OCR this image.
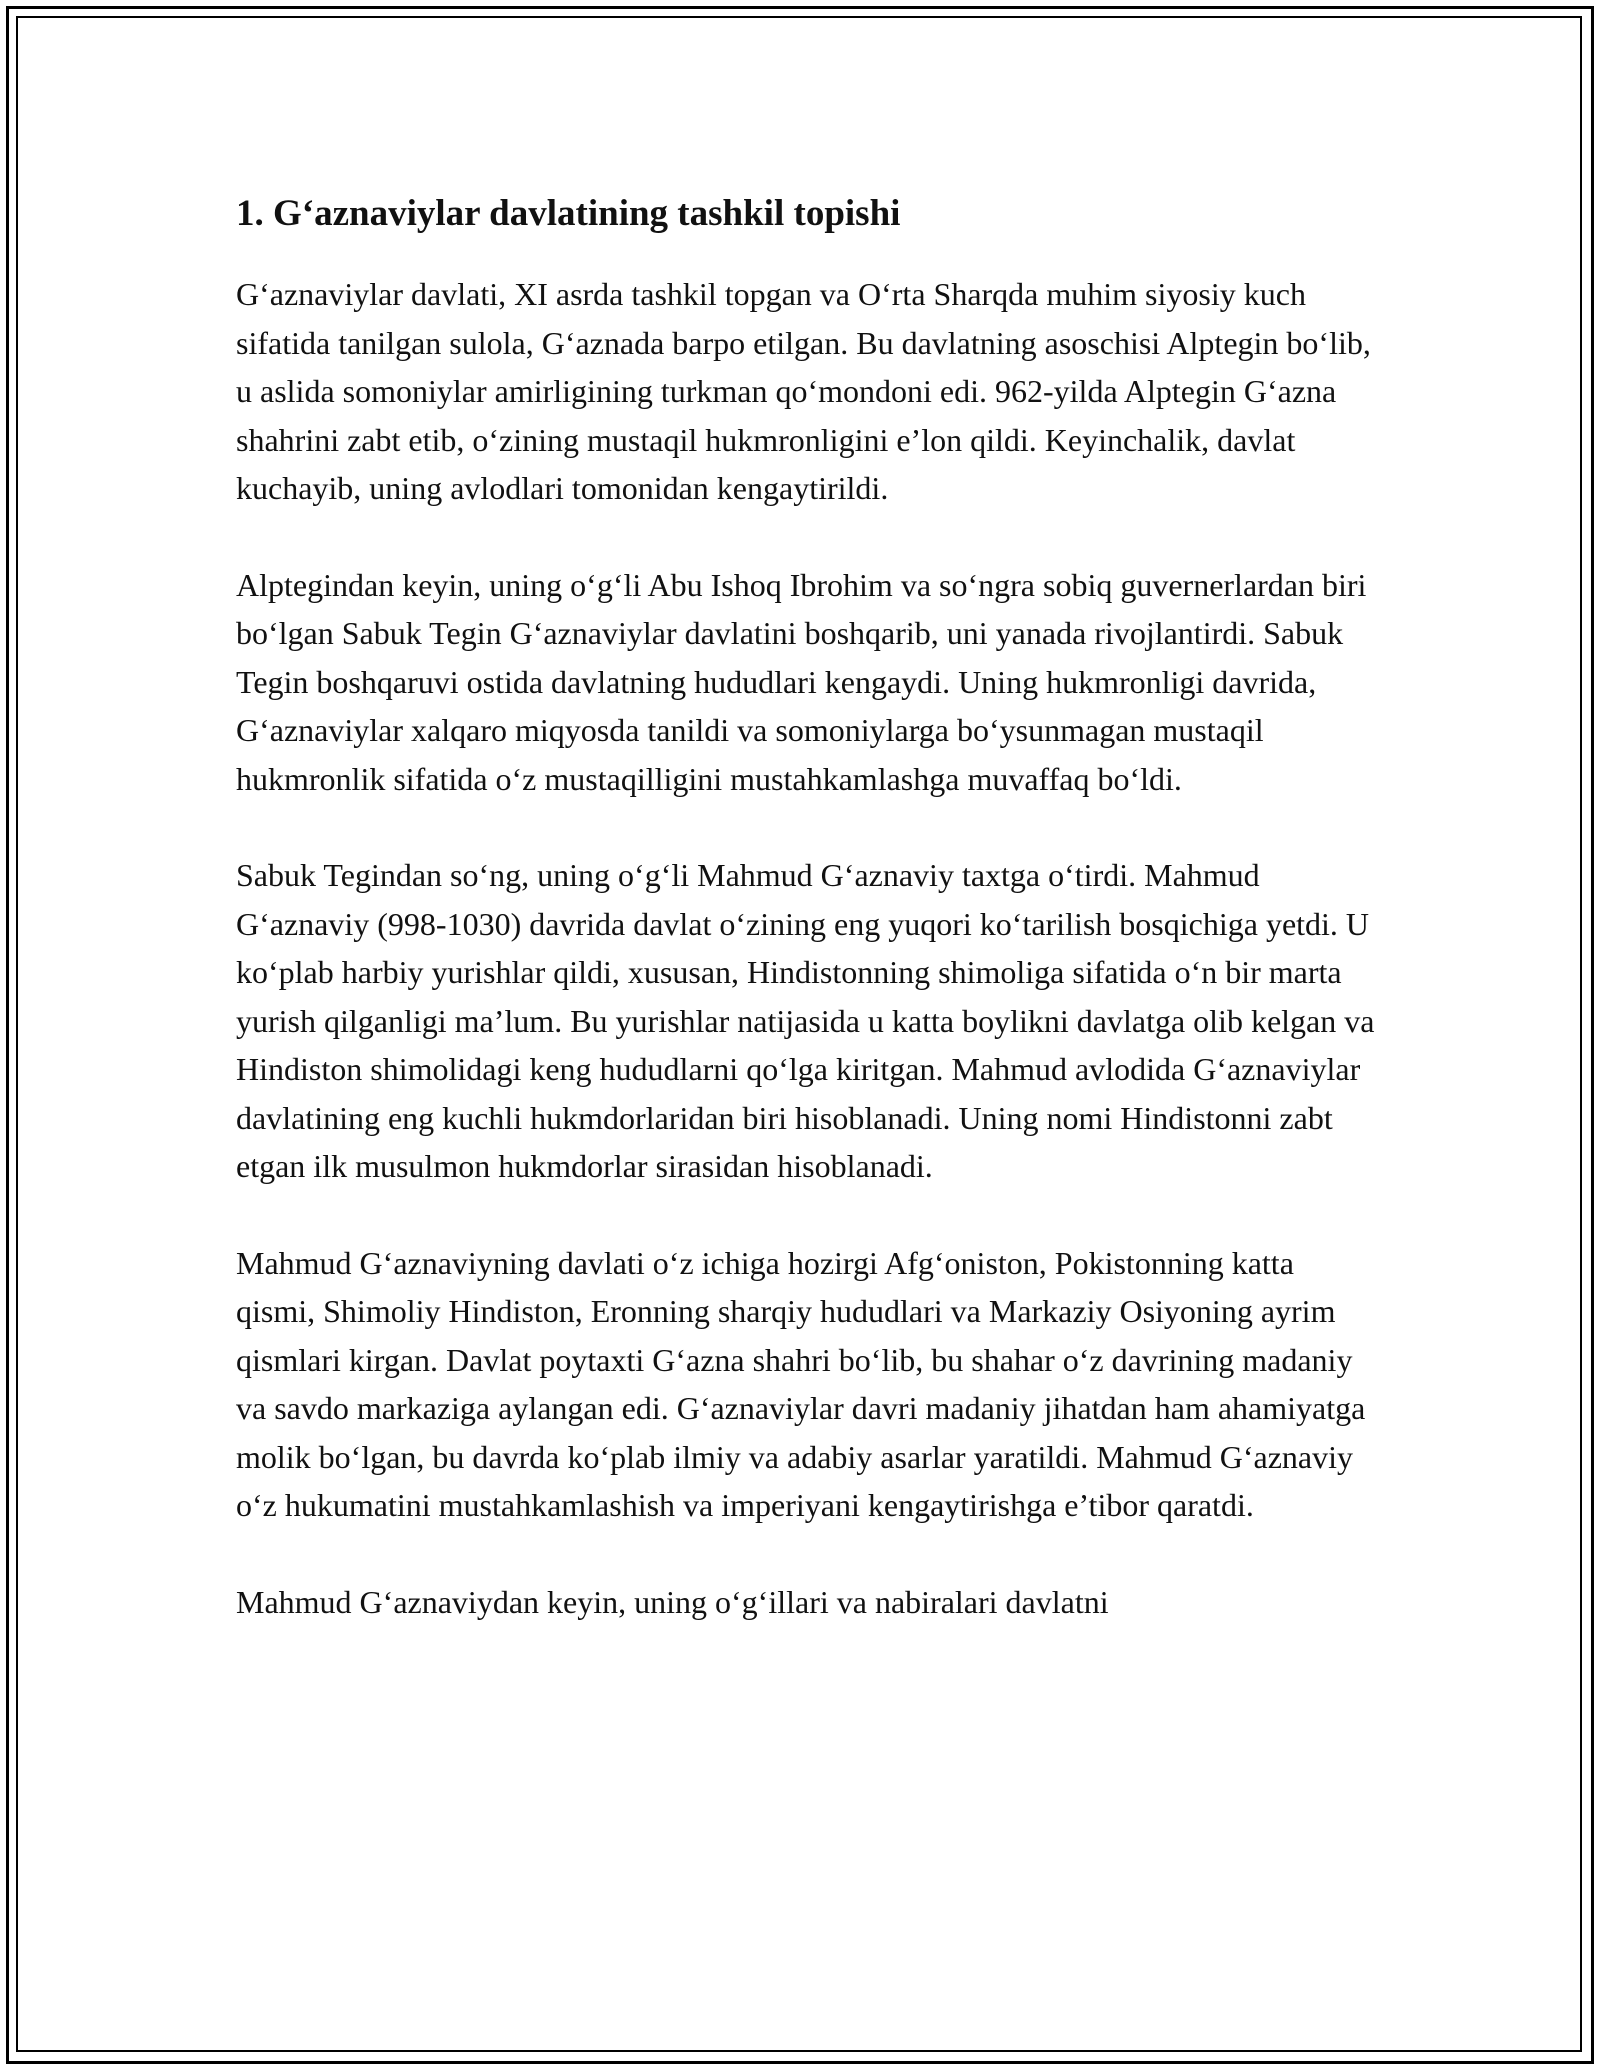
1. G‘aznaviylar davlatining tashkil topishi

G‘aznaviylar davlati, XI asrda tashkil topgan va O‘rta Sharqda muhim siyosiy kuch sifatida tanilgan sulola, G‘aznada barpo etilgan. Bu davlatning asoschisi Alptegin bo‘lib, u aslida somoniylar amirligining turkman qo‘mondoni edi. 962-yilda Alptegin G‘azna shahrini zabt etib, o‘zining mustaqil hukmronligini e’lon qildi. Keyinchalik, davlat kuchayib, uning avlodlari tomonidan kengaytirildi.

Alptegindan keyin, uning o‘g‘li Abu Ishoq Ibrohim va so‘ngra sobiq guvernerlardan biri bo‘lgan Sabuk Tegin G‘aznaviylar davlatini boshqarib, uni yanada rivojlantirdi. Sabuk Tegin boshqaruvi ostida davlatning hududlari kengaydi. Uning hukmronligi davrida, G‘aznaviylar xalqaro miqyosda tanildi va somoniylarga bo‘ysunmagan mustaqil hukmronlik sifatida o‘z mustaqilligini mustahkamlashga muvaffaq bo‘ldi.

Sabuk Tegindan so‘ng, uning o‘g‘li Mahmud G‘aznaviy taxtga o‘tirdi. Mahmud G‘aznaviy (998-1030) davrida davlat o‘zining eng yuqori ko‘tarilish bosqichiga yetdi. U ko‘plab harbiy yurishlar qildi, xususan, Hindistonning shimoliga sifatida o‘n bir marta yurish qilganligi ma’lum. Bu yurishlar natijasida u katta boylikni davlatga olib kelgan va Hindiston shimolidagi keng hududlarni qo‘lga kiritgan. Mahmud avlodida G‘aznaviylar davlatining eng kuchli hukmdorlaridan biri hisoblanadi. Uning nomi Hindistonni zabt etgan ilk musulmon hukmdorlar sirasidan hisoblanadi.

Mahmud G‘aznaviyning davlati o‘z ichiga hozirgi Afg‘oniston, Pokistonning katta qismi, Shimoliy Hindiston, Eronning sharqiy hududlari va Markaziy Osiyoning ayrim qismlari kirgan. Davlat poytaxti G‘azna shahri bo‘lib, bu shahar o‘z davrining madaniy va savdo markaziga aylangan edi. G‘aznaviylar davri madaniy jihatdan ham ahamiyatga molik bo‘lgan, bu davrda ko‘plab ilmiy va adabiy asarlar yaratildi. Mahmud G‘aznaviy o‘z hukumatini mustahkamlashish va imperiyani kengaytirishga e’tibor qaratdi.

Mahmud G‘aznaviydan keyin, uning o‘g‘illari va nabiralari davlatni
